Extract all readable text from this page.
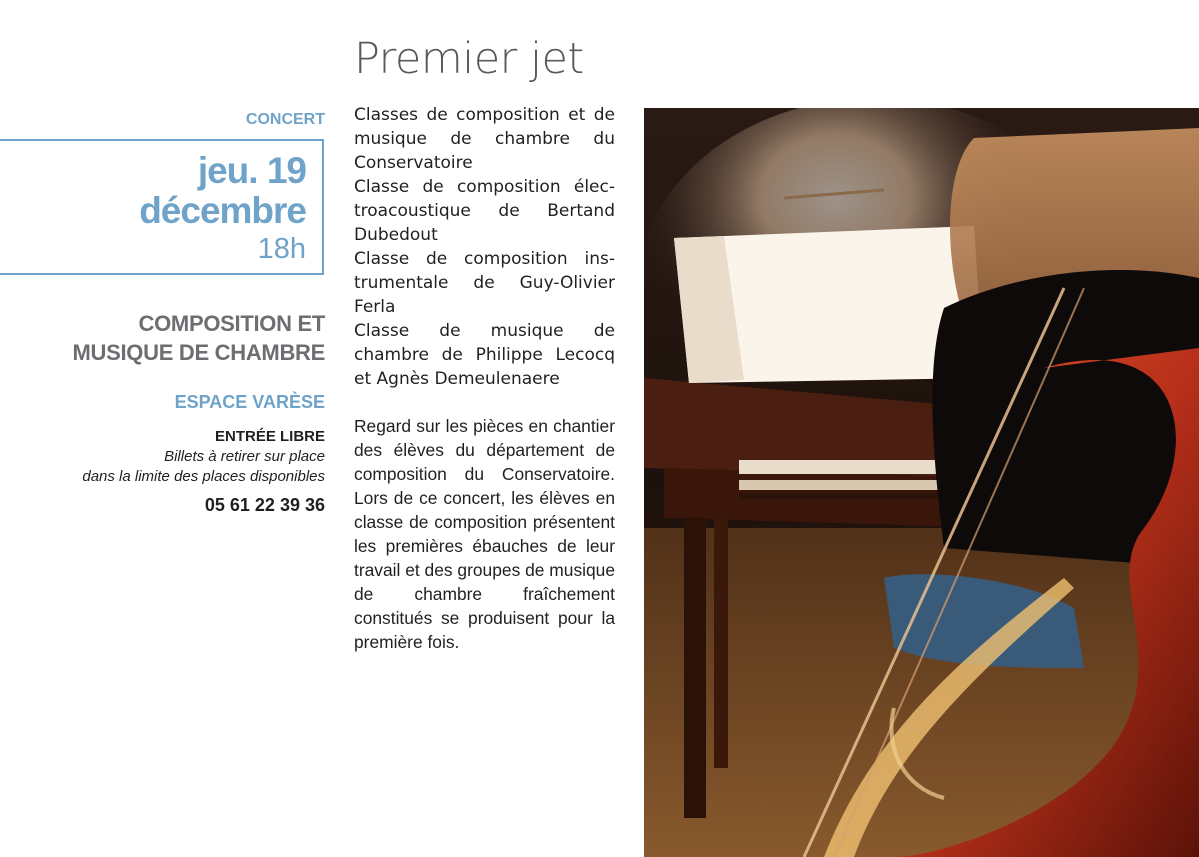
Premier jet
CONCERT
jeu. 19
décembre
18h
COMPOSITION ET
MUSIQUE DE CHAMBRE
ESPACE VARÈSE
ENTRÉE LIBRE
Billets à retirer sur place
dans la limite des places disponibles
05 61 22 39 36
Classes de composition et de musique de chambre du Conservatoire
Classe de composition électroacoustique de Bertand Dubedout
Classe de composition instrumentale de Guy-Olivier Ferla
Classe de musique de chambre de Philippe Lecocq et Agnès Demeulenaere
Regard sur les pièces en chantier des élèves du département de composition du Conservatoire. Lors de ce concert, les élèves en classe de composition présentent les premières ébauches de leur travail et des groupes de musique de chambre fraîchement constitués se produisent pour la première fois.
